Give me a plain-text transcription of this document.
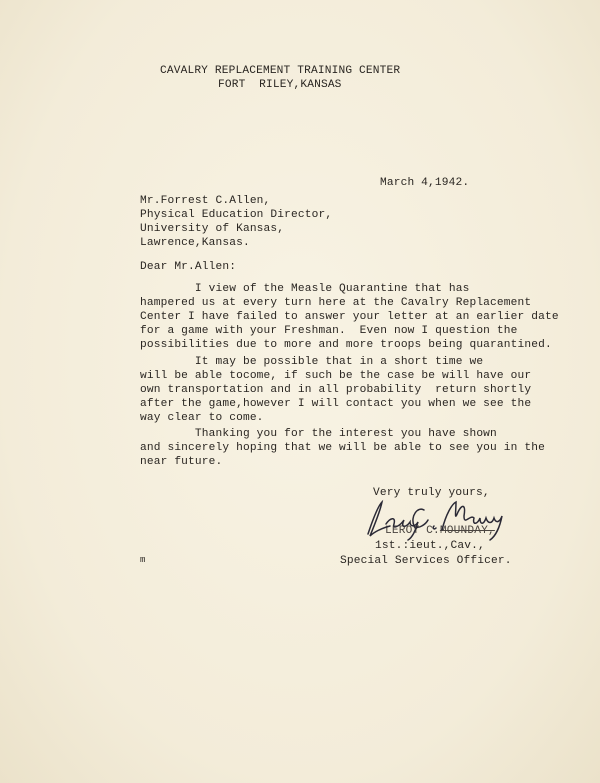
CAVALRY REPLACEMENT TRAINING CENTER
FORT  RILEY,KANSAS
March 4,1942.
Mr.Forrest C.Allen,
Physical Education Director,
University of Kansas,
Lawrence,Kansas.
Dear Mr.Allen:
I view of the Measle Quarantine that has
hampered us at every turn here at the Cavalry Replacement
Center I have failed to answer your letter at an earlier date
for a game with your Freshman.  Even now I question the
possibilities due to more and more troops being quarantined.
It may be possible that in a short time we
will be able tocome, if such be the case be will have our
own transportation and in all probability  return shortly
after the game,however I will contact you when we see the
way clear to come.
Thanking you for the interest you have shown
and sincerely hoping that we will be able to see you in the
near future.
Very truly yours,
LEROY C.MOUNDAY,
1st.:ieut.,Cav.,
Special Services Officer.
m
